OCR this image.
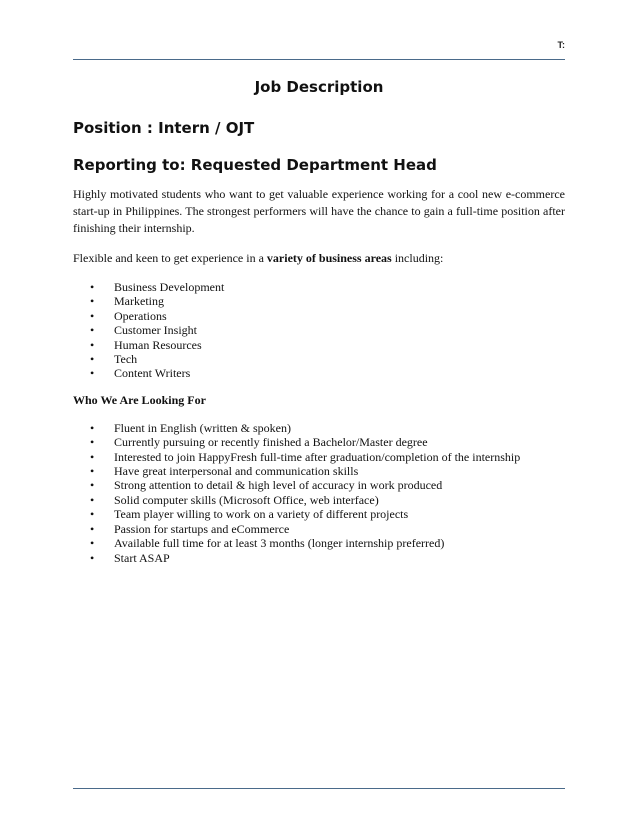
T:
Job Description
Position : Intern / OJT
Reporting to: Requested Department Head

Highly motivated students who want to get valuable experience working for a cool new e-commerce start-up in Philippines. The strongest performers will have the chance to gain a full-time position after finishing their internship.

Flexible and keen to get experience in a variety of business areas including:

• Business Development
• Marketing
• Operations
• Customer Insight
• Human Resources
• Tech
• Content Writers
Who We Are Looking For
• Fluent in English (written & spoken)
• Currently pursuing or recently finished a Bachelor/Master degree
• Interested to join HappyFresh full-time after graduation/completion of the internship
• Have great interpersonal and communication skills
• Strong attention to detail & high level of accuracy in work produced
• Solid computer skills (Microsoft Office, web interface)
• Team player willing to work on a variety of different projects
• Passion for startups and eCommerce
• Available full time for at least 3 months (longer internship preferred)
• Start ASAP
